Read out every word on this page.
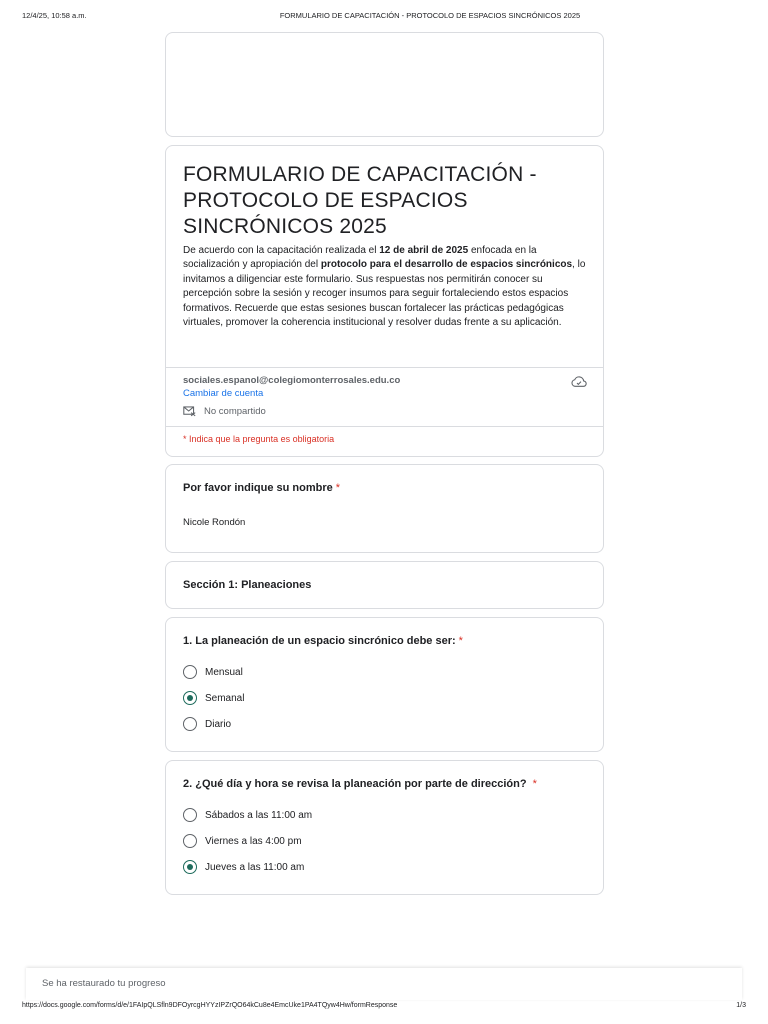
12/4/25, 10:58 a.m.	FORMULARIO DE CAPACITACIÓN - PROTOCOLO DE ESPACIOS SINCRÓNICOS 2025
FORMULARIO DE CAPACITACIÓN - PROTOCOLO DE ESPACIOS SINCRÓNICOS 2025
De acuerdo con la capacitación realizada el 12 de abril de 2025 enfocada en la socialización y apropiación del protocolo para el desarrollo de espacios sincrónicos, lo invitamos a diligenciar este formulario. Sus respuestas nos permitirán conocer su percepción sobre la sesión y recoger insumos para seguir fortaleciendo estos espacios formativos. Recuerde que estas sesiones buscan fortalecer las prácticas pedagógicas virtuales, promover la coherencia institucional y resolver dudas frente a su aplicación.
sociales.espanol@colegiomonterrosales.edu.co
Cambiar de cuenta
No compartido
* Indica que la pregunta es obligatoria
Por favor indique su nombre *
Nicole Rondón
Sección 1: Planeaciones
1. La planeación de un espacio sincrónico debe ser: *
Mensual
Semanal
Diario
2. ¿Qué día y hora se revisa la planeación por parte de dirección? *
Sábados a las 11:00 am
Viernes a las 4:00 pm
Jueves a las 11:00 am
Se ha restaurado tu progreso
https://docs.google.com/forms/d/e/1FAIpQLSfln9DFOyrcgHYYzIPZrQO64kCu8e4EmcUke1PA4TQyw4Hw/formResponse	1/3
